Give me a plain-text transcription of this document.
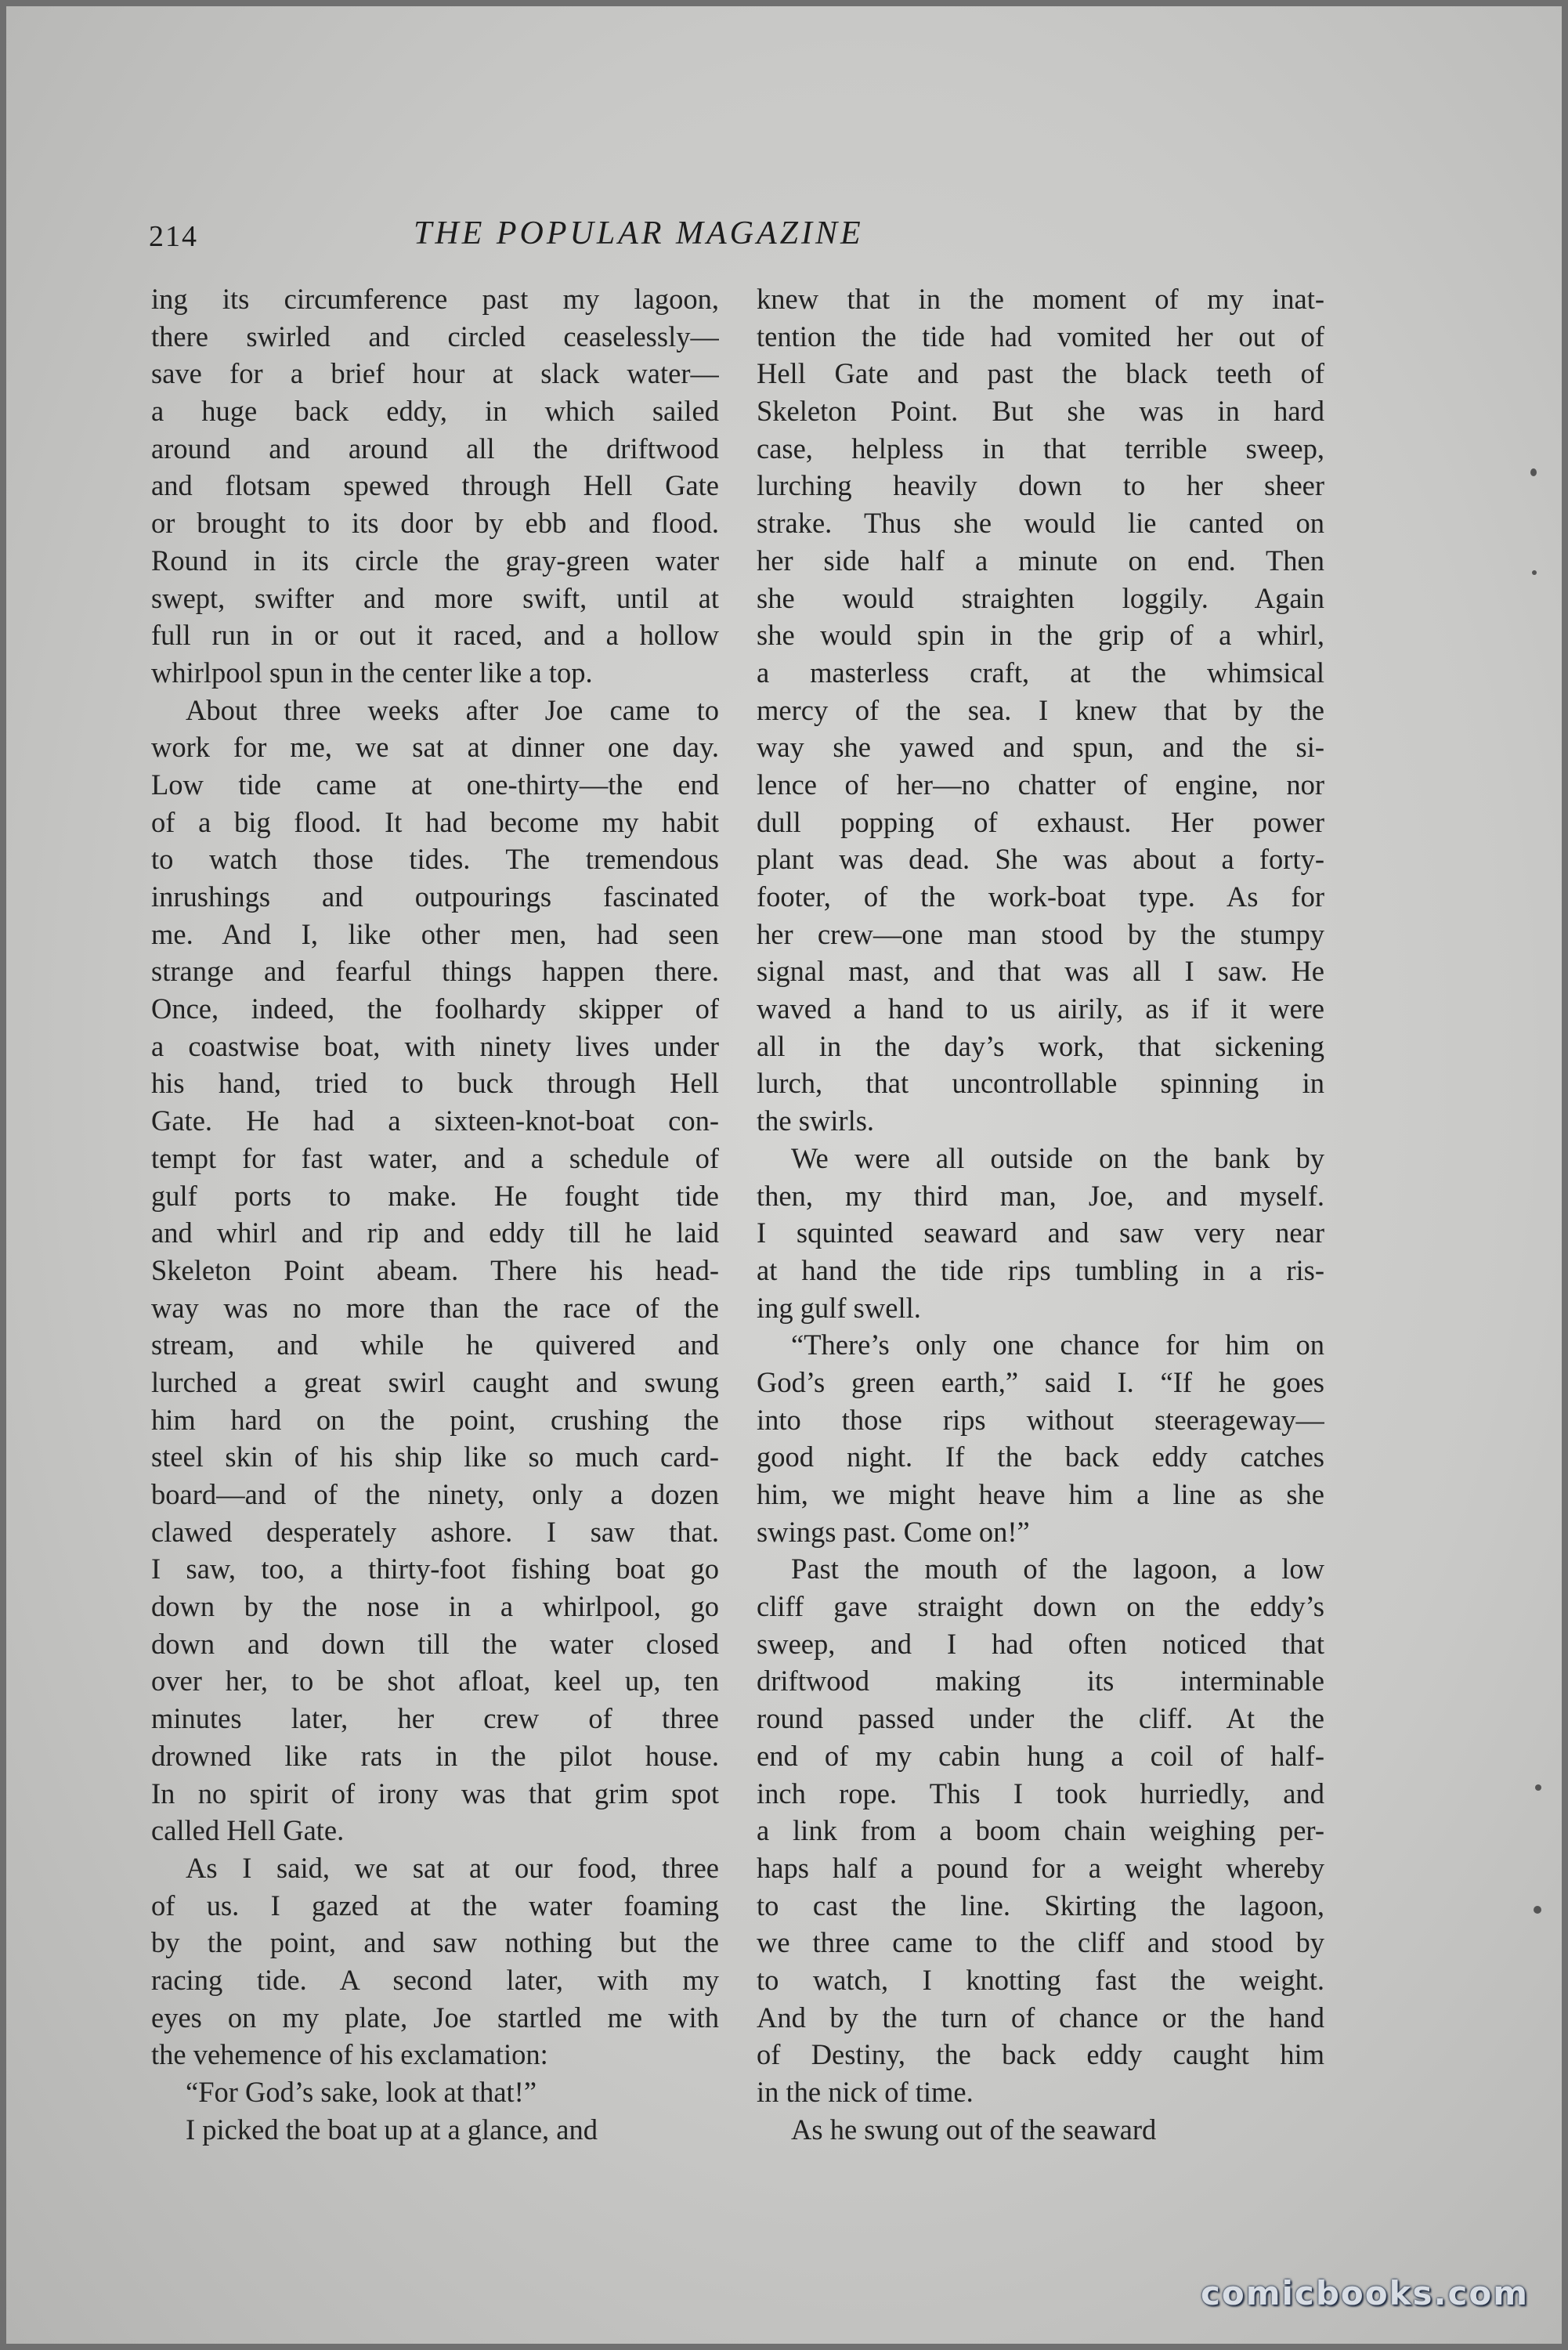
214	THE POPULAR MAGAZINE
ing its circumference past my lagoon,
there swirled and circled ceaselessly—
save for a brief hour at slack water—
a huge back eddy, in which sailed
around and around all the driftwood
and flotsam spewed through Hell Gate
or brought to its door by ebb and flood.
Round in its circle the gray-green water
swept, swifter and more swift, until at
full run in or out it raced, and a hollow
whirlpool spun in the center like a top.
About three weeks after Joe came to
work for me, we sat at dinner one day.
Low tide came at one-thirty—the end
of a big flood. It had become my habit
to watch those tides. The tremendous
inrushings and outpourings fascinated
me. And I, like other men, had seen
strange and fearful things happen there.
Once, indeed, the foolhardy skipper of
a coastwise boat, with ninety lives under
his hand, tried to buck through Hell
Gate. He had a sixteen-knot-boat con-
tempt for fast water, and a schedule of
gulf ports to make. He fought tide
and whirl and rip and eddy till he laid
Skeleton Point abeam. There his head-
way was no more than the race of the
stream, and while he quivered and
lurched a great swirl caught and swung
him hard on the point, crushing the
steel skin of his ship like so much card-
board—and of the ninety, only a dozen
clawed desperately ashore. I saw that.
I saw, too, a thirty-foot fishing boat go
down by the nose in a whirlpool, go
down and down till the water closed
over her, to be shot afloat, keel up, ten
minutes later, her crew of three
drowned like rats in the pilot house.
In no spirit of irony was that grim spot
called Hell Gate.
As I said, we sat at our food, three
of us. I gazed at the water foaming
by the point, and saw nothing but the
racing tide. A second later, with my
eyes on my plate, Joe startled me with
the vehemence of his exclamation:
“For God’s sake, look at that!”
I picked the boat up at a glance, and
knew that in the moment of my inat-
tention the tide had vomited her out of
Hell Gate and past the black teeth of
Skeleton Point. But she was in hard
case, helpless in that terrible sweep,
lurching heavily down to her sheer
strake. Thus she would lie canted on
her side half a minute on end. Then
she would straighten loggily. Again
she would spin in the grip of a whirl,
a masterless craft, at the whimsical
mercy of the sea. I knew that by the
way she yawed and spun, and the si-
lence of her—no chatter of engine, nor
dull popping of exhaust. Her power
plant was dead. She was about a forty-
footer, of the work-boat type. As for
her crew—one man stood by the stumpy
signal mast, and that was all I saw. He
waved a hand to us airily, as if it were
all in the day’s work, that sickening
lurch, that uncontrollable spinning in
the swirls.
We were all outside on the bank by
then, my third man, Joe, and myself.
I squinted seaward and saw very near
at hand the tide rips tumbling in a ris-
ing gulf swell.
“There’s only one chance for him on
God’s green earth,” said I. “If he goes
into those rips without steerageway—
good night. If the back eddy catches
him, we might heave him a line as she
swings past. Come on!”
Past the mouth of the lagoon, a low
cliff gave straight down on the eddy’s
sweep, and I had often noticed that
driftwood making its interminable
round passed under the cliff. At the
end of my cabin hung a coil of half-
inch rope. This I took hurriedly, and
a link from a boom chain weighing per-
haps half a pound for a weight whereby
to cast the line. Skirting the lagoon,
we three came to the cliff and stood by
to watch, I knotting fast the weight.
And by the turn of chance or the hand
of Destiny, the back eddy caught him
in the nick of time.
As he swung out of the seaward
comicbooks.com
